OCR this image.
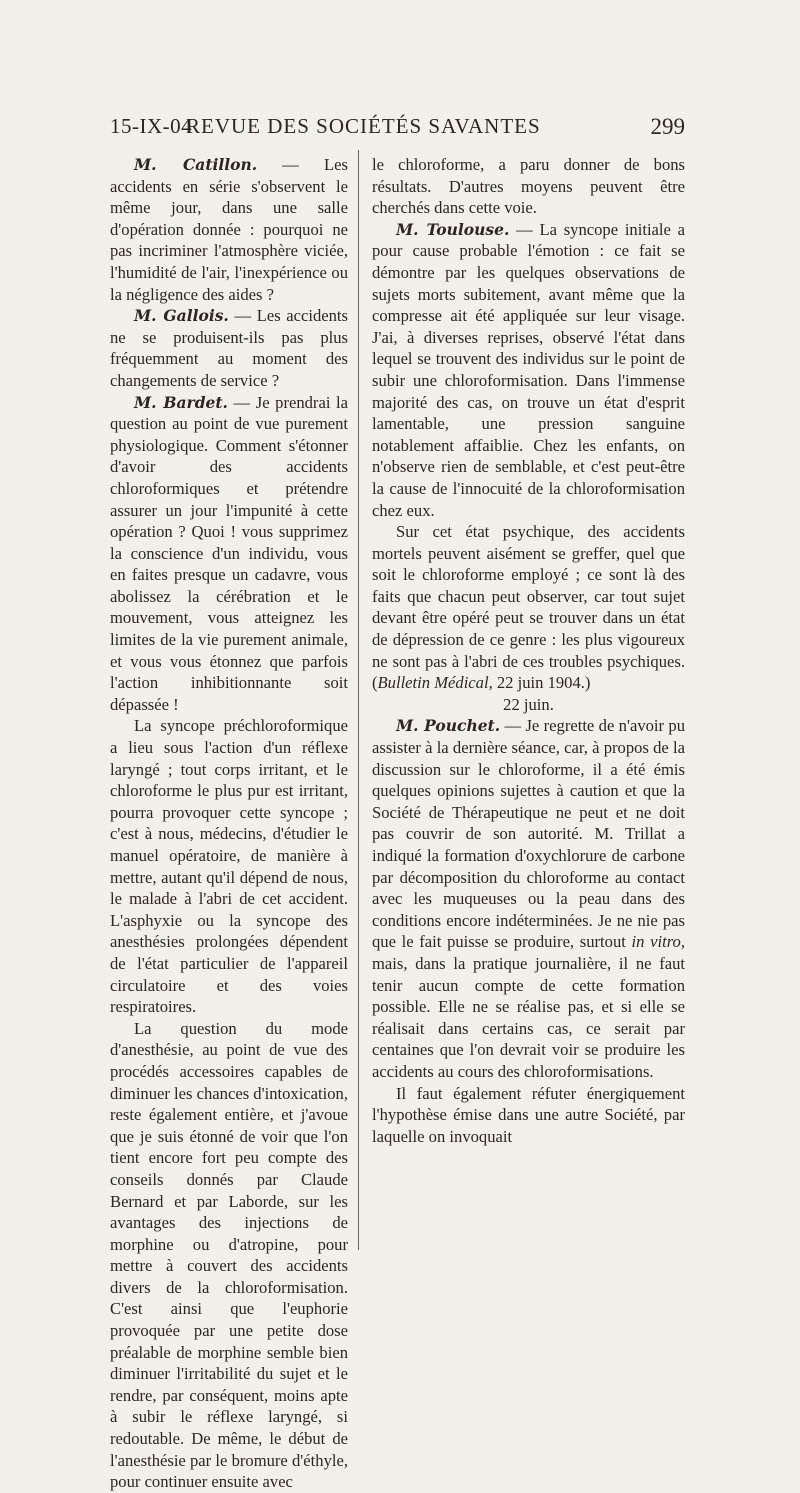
15-IX-04
REVUE DES SOCIÉTÉS SAVANTES	299

M. Catillon. — Les accidents en série s'observent le même jour, dans une salle d'opération donnée : pourquoi ne pas incriminer l'atmosphère viciée, l'humidité de l'air, l'inexpérience ou la négligence des aides ?

M. Gallois. — Les accidents ne se produisent-ils pas plus fréquemment au moment des changements de service ?

M. Bardet. — Je prendrai la question au point de vue purement physiologique. Comment s'étonner d'avoir des accidents chloroformiques et prétendre assurer un jour l'impunité à cette opération ? Quoi ! vous supprimez la conscience d'un individu, vous en faites presque un cadavre, vous abolissez la cérébration et le mouvement, vous atteignez les limites de la vie purement animale, et vous vous étonnez que parfois l'action inhibitionnante soit dépassée !

La syncope préchloroformique a lieu sous l'action d'un réflexe laryngé ; tout corps irritant, et le chloroforme le plus pur est irritant, pourra provoquer cette syncope ; c'est à nous, médecins, d'étudier le manuel opératoire, de manière à mettre, autant qu'il dépend de nous, le malade à l'abri de cet accident. L'asphyxie ou la syncope des anesthésies prolongées dépendent de l'état particulier de l'appareil circulatoire et des voies respiratoires.

La question du mode d'anesthésie, au point de vue des procédés accessoires capables de diminuer les chances d'intoxication, reste également entière, et j'avoue que je suis étonné de voir que l'on tient encore fort peu compte des conseils donnés par Claude Bernard et par Laborde, sur les avantages des injections de morphine ou d'atropine, pour mettre à couvert des accidents divers de la chloroformisation. C'est ainsi que l'euphorie provoquée par une petite dose préalable de morphine semble bien diminuer l'irritabilité du sujet et le rendre, par conséquent, moins apte à subir le réflexe laryngé, si redoutable. De même, le début de l'anesthésie par le bromure d'éthyle, pour continuer ensuite avec

le chloroforme, a paru donner de bons résultats. D'autres moyens peuvent être cherchés dans cette voie.

M. Toulouse. — La syncope initiale a pour cause probable l'émotion : ce fait se démontre par les quelques observations de sujets morts subitement, avant même que la compresse ait été appliquée sur leur visage. J'ai, à diverses reprises, observé l'état dans lequel se trouvent des individus sur le point de subir une chloroformisation. Dans l'immense majorité des cas, on trouve un état d'esprit lamentable, une pression sanguine notablement affaiblie. Chez les enfants, on n'observe rien de semblable, et c'est peut-être la cause de l'innocuité de la chloroformisation chez eux.

Sur cet état psychique, des accidents mortels peuvent aisément se greffer, quel que soit le chloroforme employé ; ce sont là des faits que chacun peut observer, car tout sujet devant être opéré peut se trouver dans un état de dépression de ce genre : les plus vigoureux ne sont pas à l'abri de ces troubles psychiques. (Bulletin Médical, 22 juin 1904.)

22 juin.

M. Pouchet. — Je regrette de n'avoir pu assister à la dernière séance, car, à propos de la discussion sur le chloroforme, il a été émis quelques opinions sujettes à caution et que la Société de Thérapeutique ne peut et ne doit pas couvrir de son autorité. M. Trillat a indiqué la formation d'oxychlorure de carbone par décomposition du chloroforme au contact avec les muqueuses ou la peau dans des conditions encore indéterminées. Je ne nie pas que le fait puisse se produire, surtout in vitro, mais, dans la pratique journalière, il ne faut tenir aucun compte de cette formation possible. Elle ne se réalise pas, et si elle se réalisait dans certains cas, ce serait par centaines que l'on devrait voir se produire les accidents au cours des chloroformisations.

Il faut également réfuter énergiquement l'hypothèse émise dans une autre Société, par laquelle on invoquait
